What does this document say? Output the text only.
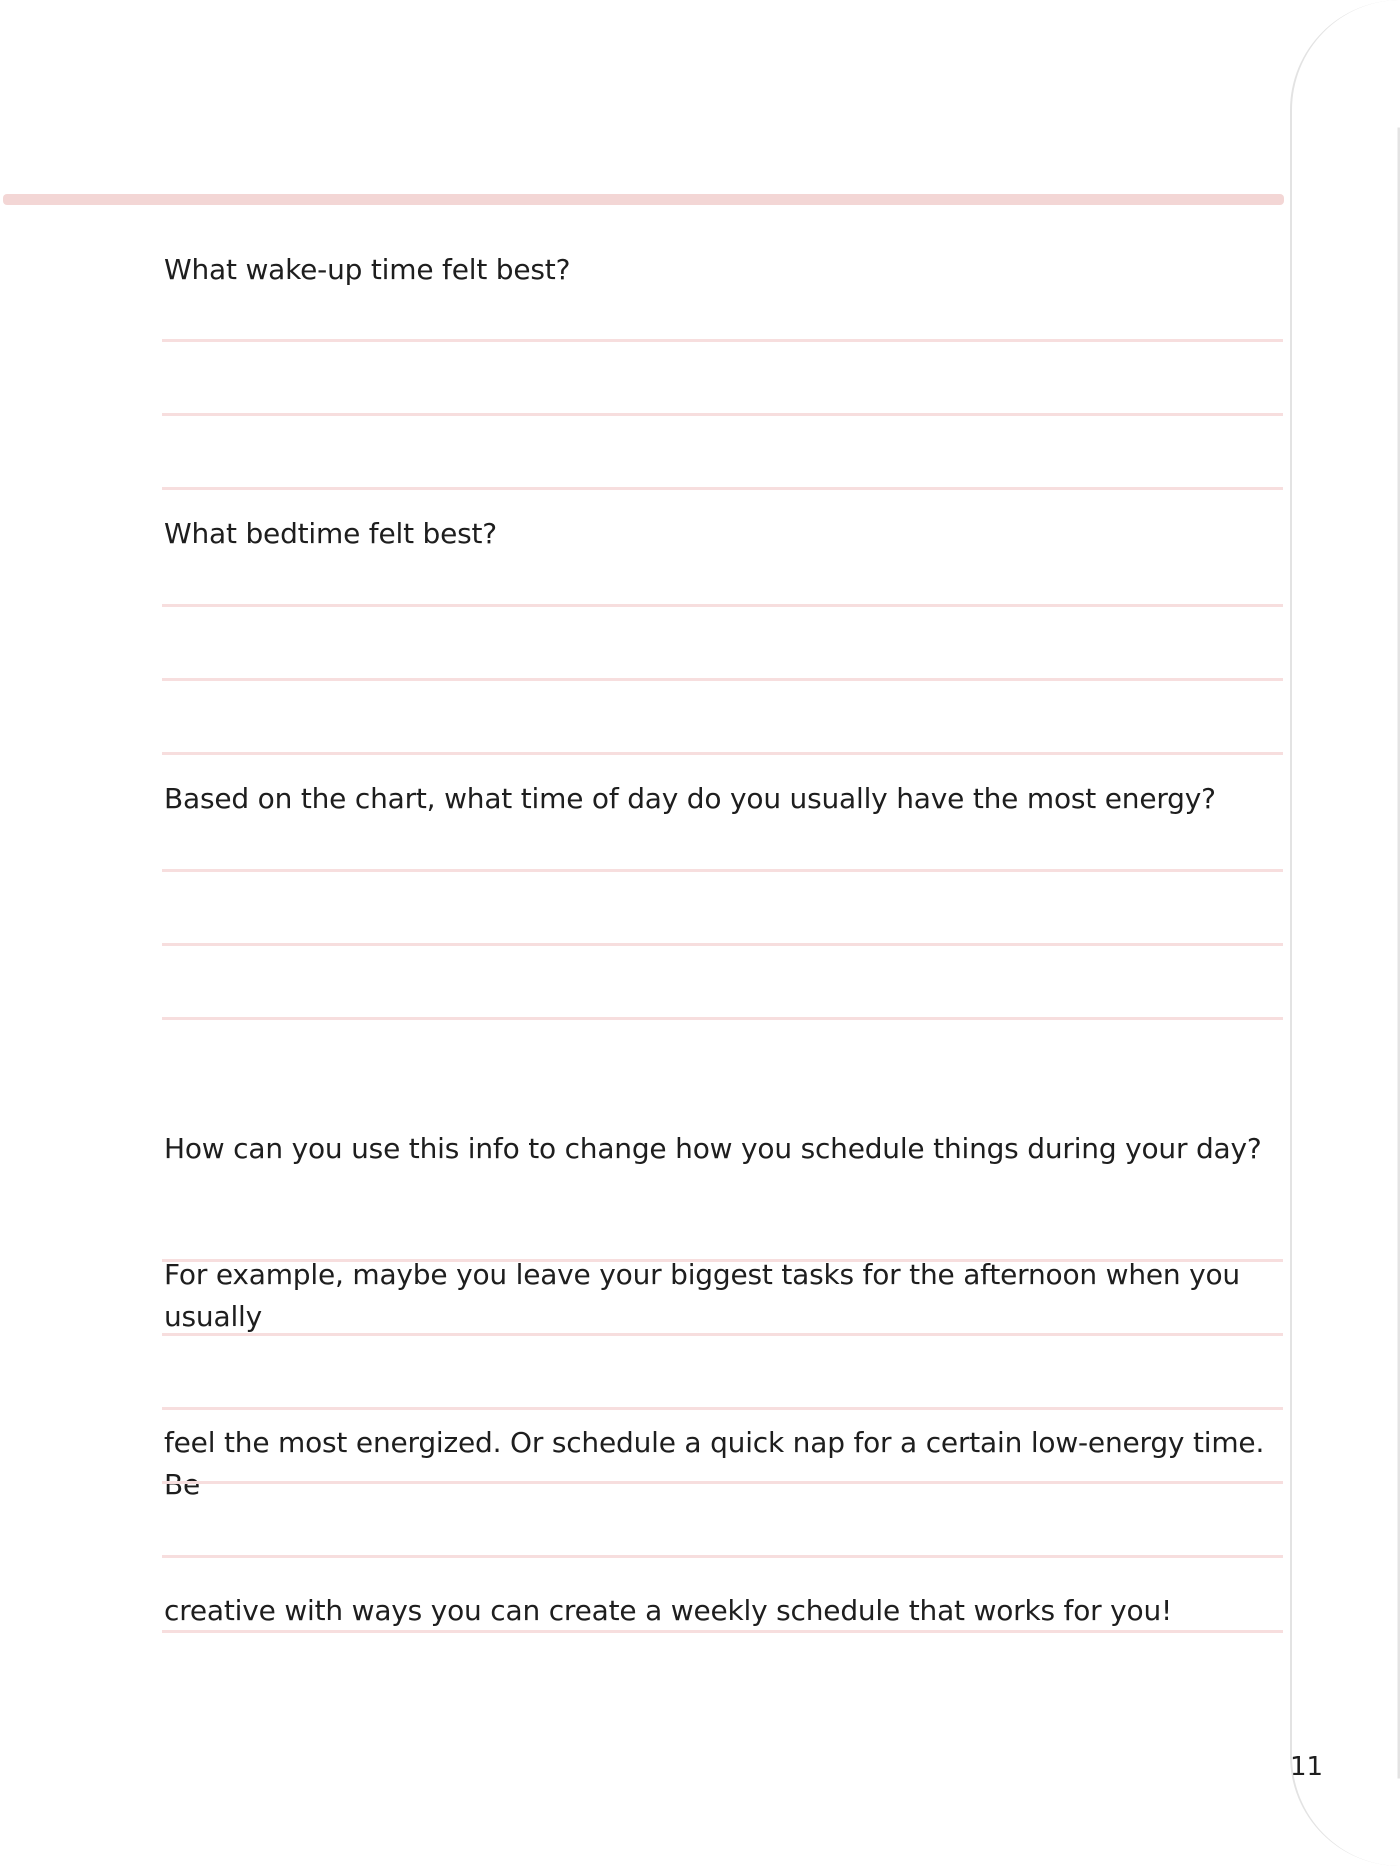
What wake-up time felt best?

What bedtime felt best?

Based on the chart, what time of day do you usually have the most energy?

How can you use this info to change how you schedule things during your day?

For example, maybe you leave your biggest tasks for the afternoon when you usually

feel the most energized. Or schedule a quick nap for a certain low-energy time. Be

creative with ways you can create a weekly schedule that works for you!

11
